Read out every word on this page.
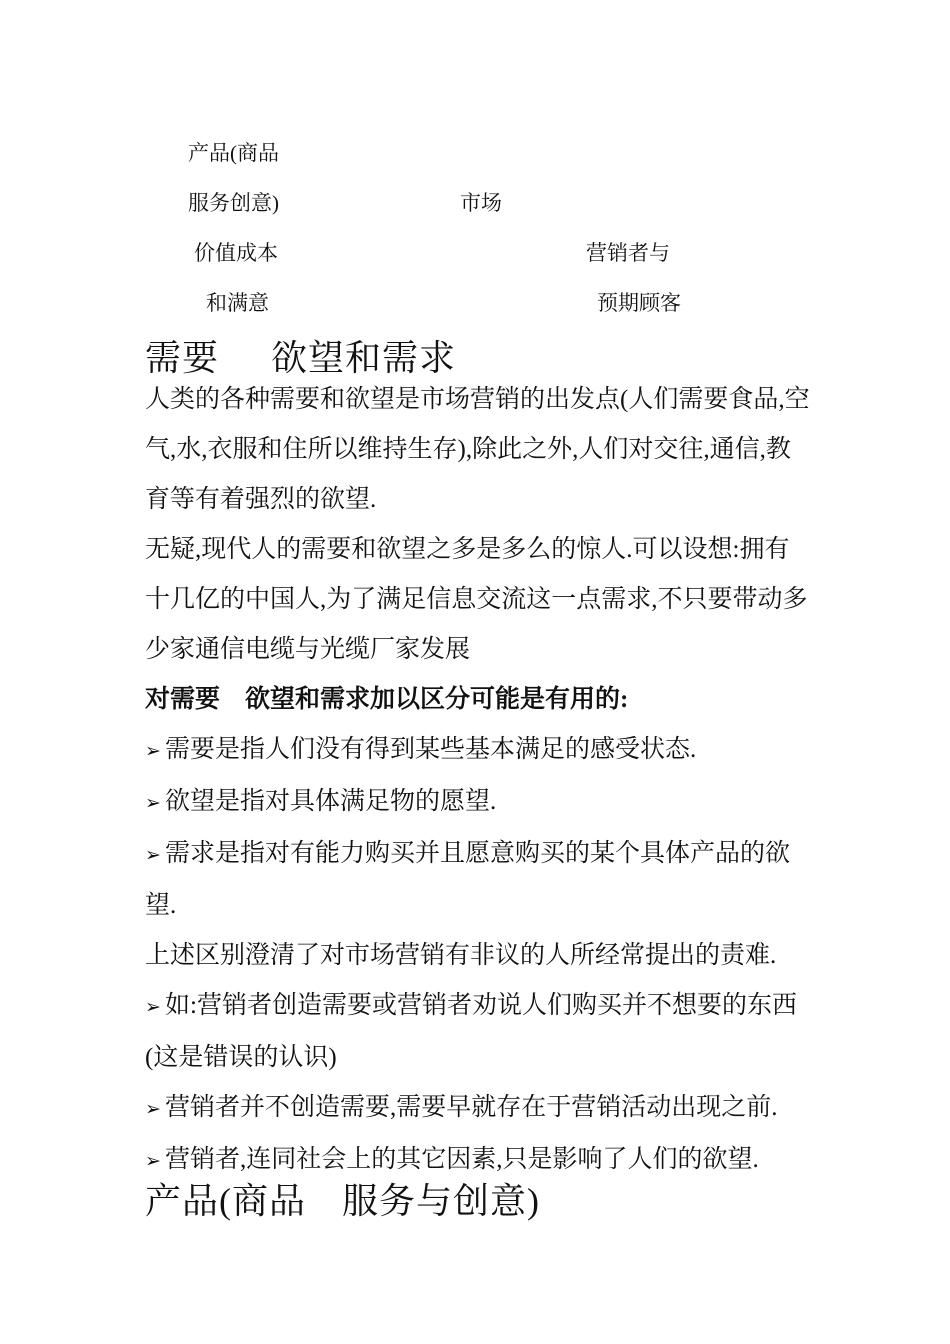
产品(商品
服务创意)	市场
价值成本
和满意
营销者与
预期顾客
需要 欲望和需求

人类的各种需要和欲望是市场营销的出发点(人们需要食品,空气,水,衣服和住所以维持生存),除此之外,人们对交往,通信,教育等有着强烈的欲望.

无疑,现代人的需要和欲望之多是多么的惊人.可以设想:拥有十几亿的中国人,为了满足信息交流这一点需求,不只要带动多少家通信电缆与光缆厂家发展

对需要　欲望和需求加以区分可能是有用的:

➢ 需要是指人们没有得到某些基本满足的感受状态.

➢ 欲望是指对具体满足物的愿望.

➢ 需求是指对有能力购买并且愿意购买的某个具体产品的欲望.

上述区别澄清了对市场营销有非议的人所经常提出的责难.

➢ 如:营销者创造需要或营销者劝说人们购买并不想要的东西(这是错误的认识)

➢ 营销者并不创造需要,需要早就存在于营销活动出现之前.

➢ 营销者,连同社会上的其它因素,只是影响了人们的欲望.

产品(商品 服务与创意)
